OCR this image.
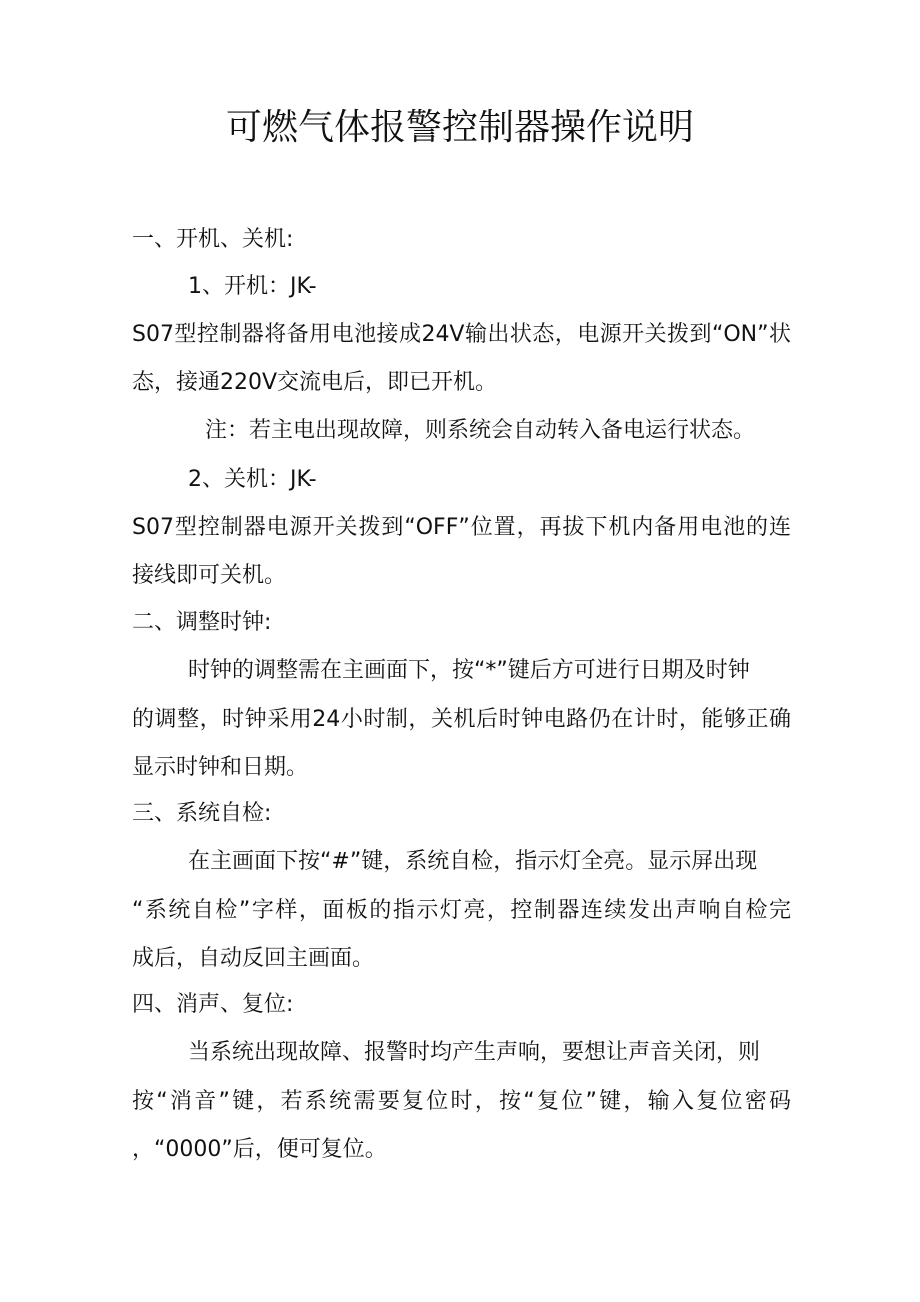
可燃气体报警控制器操作说明
一、开机、关机:
1、开机：JK-
S07型控制器将备用电池接成24V输出状态，电源开关拨到“ON”状
态，接通220V交流电后，即已开机。
注：若主电出现故障，则系统会自动转入备电运行状态。
2、关机：JK-
S07型控制器电源开关拨到“OFF”位置，再拔下机内备用电池的连
接线即可关机。
二、调整时钟:
时钟的调整需在主画面下，按“*”键后方可进行日期及时钟
的调整，时钟采用24小时制，关机后时钟电路仍在计时，能够正确
显示时钟和日期。
三、系统自检:
在主画面下按“#”键，系统自检，指示灯全亮。显示屏出现
“系统自检”字样，面板的指示灯亮，控制器连续发出声响自检完
成后，自动反回主画面。
四、消声、复位:
当系统出现故障、报警时均产生声响，要想让声音关闭，则
按“消音”键，若系统需要复位时，按“复位”键，输入复位密码
，“0000”后，便可复位。
